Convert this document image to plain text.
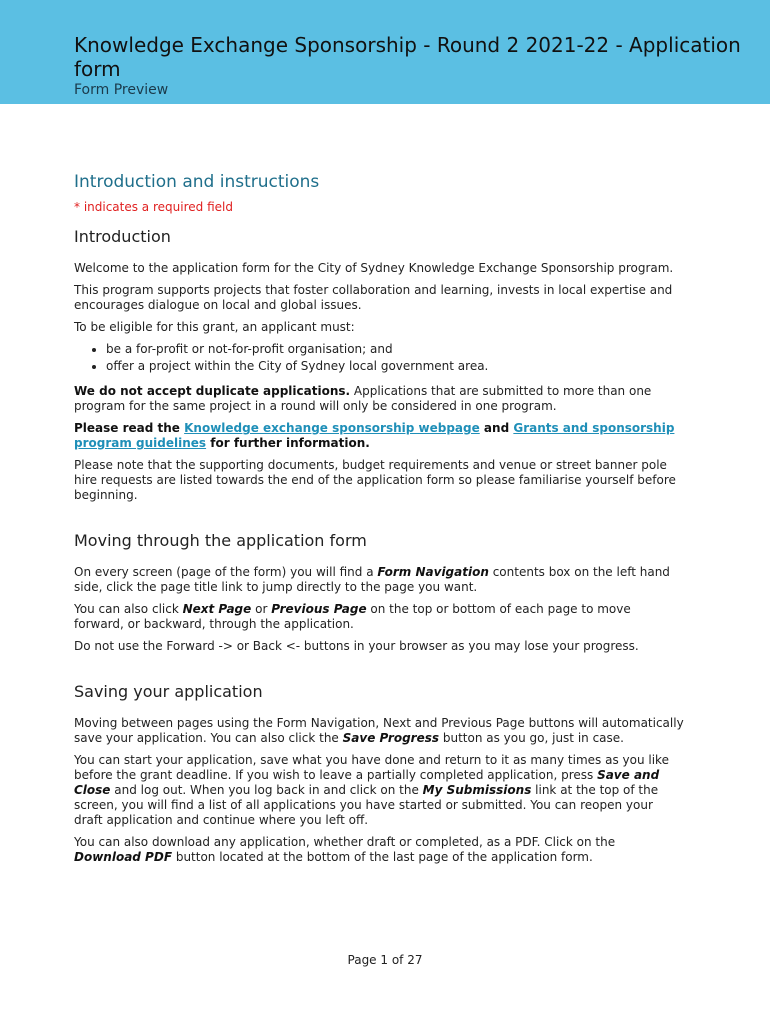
Knowledge Exchange Sponsorship - Round 2 2021-22 - Application form
Form Preview
Introduction and instructions
* indicates a required field
Introduction

Welcome to the application form for the City of Sydney Knowledge Exchange Sponsorship program.

This program supports projects that foster collaboration and learning, invests in local expertise and encourages dialogue on local and global issues.

To be eligible for this grant, an applicant must:

• be a for-profit or not-for-profit organisation; and
• offer a project within the City of Sydney local government area.

We do not accept duplicate applications. Applications that are submitted to more than one program for the same project in a round will only be considered in one program.

Please read the Knowledge exchange sponsorship webpage and Grants and sponsorship program guidelines for further information.

Please note that the supporting documents, budget requirements and venue or street banner pole hire requests are listed towards the end of the application form so please familiarise yourself before beginning.

Moving through the application form

On every screen (page of the form) you will find a Form Navigation contents box on the left hand side, click the page title link to jump directly to the page you want.

You can also click Next Page or Previous Page on the top or bottom of each page to move forward, or backward, through the application.

Do not use the Forward -> or Back <- buttons in your browser as you may lose your progress.

Saving your application

Moving between pages using the Form Navigation, Next and Previous Page buttons will automatically save your application. You can also click the Save Progress button as you go, just in case.

You can start your application, save what you have done and return to it as many times as you like before the grant deadline. If you wish to leave a partially completed application, press Save and Close and log out. When you log back in and click on the My Submissions link at the top of the screen, you will find a list of all applications you have started or submitted. You can reopen your draft application and continue where you left off.

You can also download any application, whether draft or completed, as a PDF. Click on the Download PDF button located at the bottom of the last page of the application form.

Page 1 of 27
